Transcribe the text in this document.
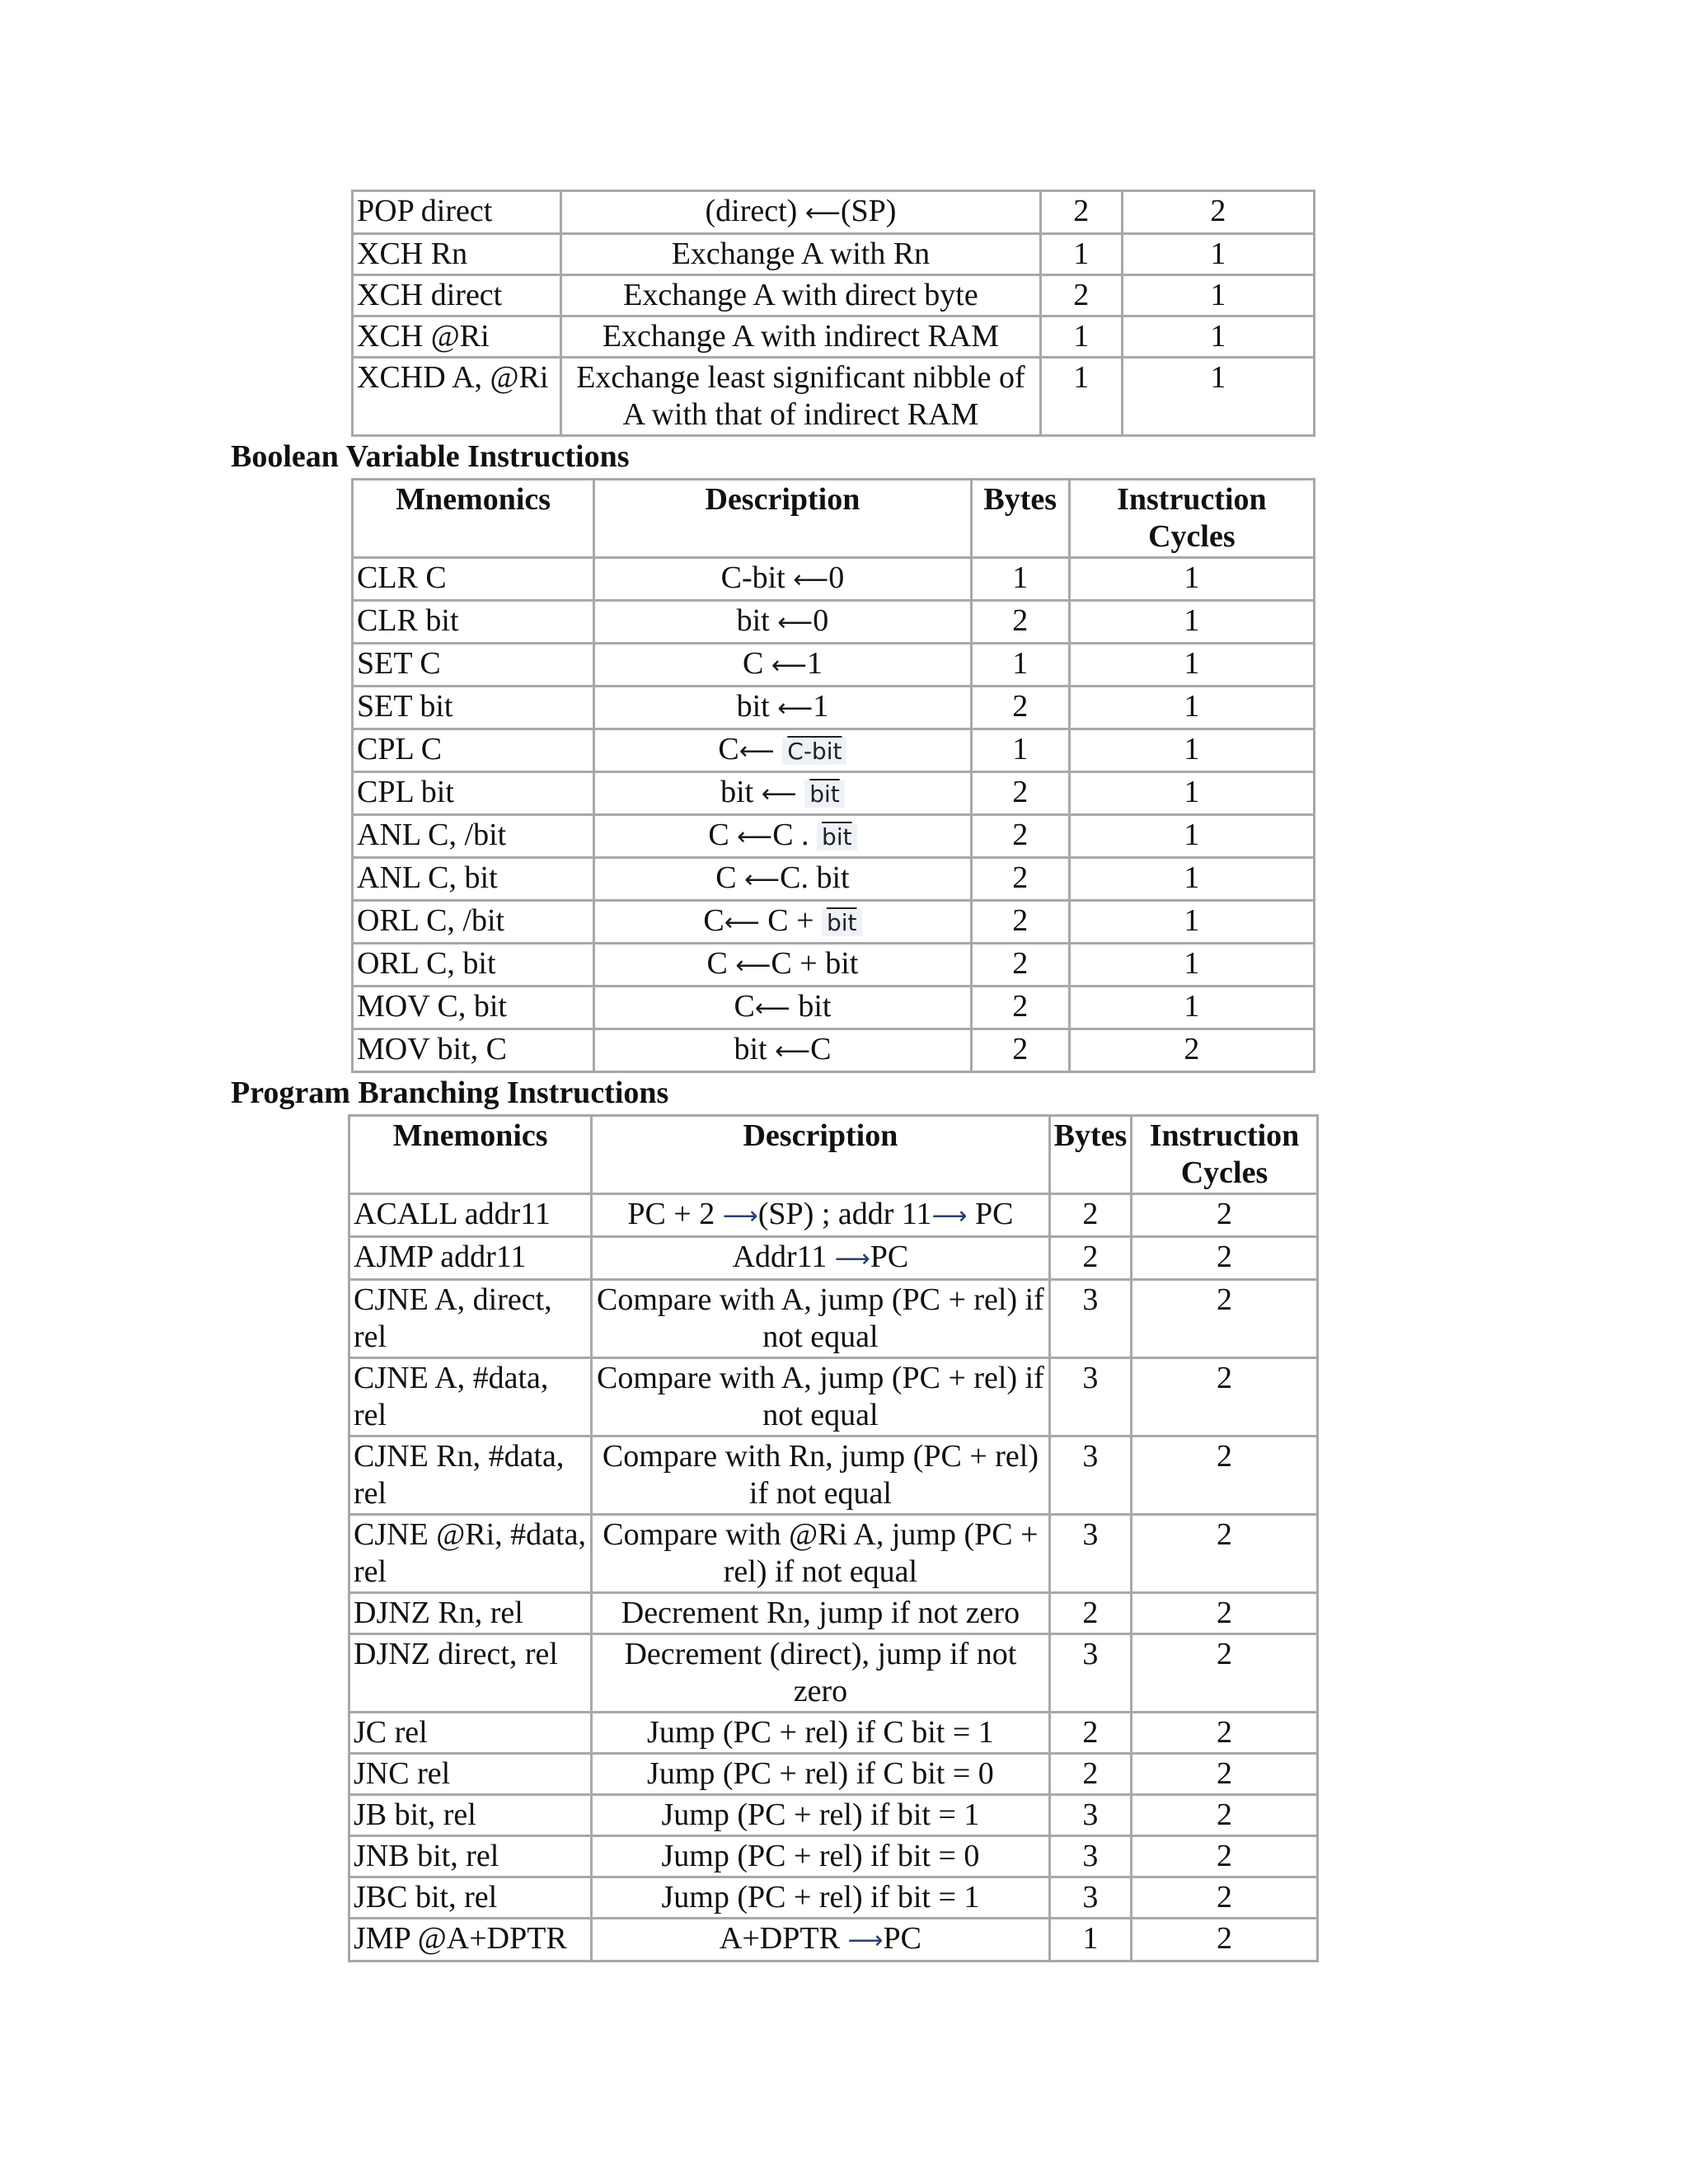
POP direct	(direct) ⟵(SP)	2	2
XCH Rn	Exchange A with Rn	1	1
XCH direct	Exchange A with direct byte	2	1
XCH @Ri	Exchange A with indirect RAM	1	1
XCHD A, @Ri	Exchange least significant nibble of A with that of indirect RAM	1	1
Boolean Variable Instructions
Mnemonics	Description	Bytes	Instruction Cycles
CLR C	C-bit ⟵0	1	1
CLR bit	bit ⟵0	2	1
SET C	C ⟵1	1	1
SET bit	bit ⟵1	2	1
CPL C	C⟵ C-bit	1	1
CPL bit	bit ⟵ $\overline{bit}$	2	1
ANL C, /bit	C ⟵C . $\overline{bit}$	2	1
ANL C, bit	C ⟵C. bit	2	1
ORL C, /bit	C⟵ $C + \overline{bit}$	2	1
ORL C, bit	C ⟵C + bit	2	1
MOV C, bit	C⟵ bit	2	1
MOV bit, C	bit ⟵C	2	2
Program Branching Instructions
Mnemonics	Description	Bytes	Instruction Cycles
ACALL addr11	PC + 2 ⟶(SP) ; addr 11⟶ PC	2	2
AJMP addr11	Addr11 ⟶PC	2	2
CJNE A, direct, rel	Compare with A, jump (PC + rel) if not equal	3	2
CJNE A, #data, rel	Compare with A, jump (PC + rel) if not equal	3	2
CJNE Rn, #data, rel	Compare with Rn, jump (PC + rel) if not equal	3	2
CJNE @Ri, #data, rel	Compare with @Ri A, jump (PC + rel) if not equal	3	2
DJNZ Rn, rel	Decrement Rn, jump if not zero	2	2
DJNZ direct, rel	Decrement (direct), jump if not zero	3	2
JC rel	Jump (PC + rel) if C bit = 1	2	2
JNC rel	Jump (PC + rel) if C bit = 0	2	2
JB bit, rel	Jump (PC + rel) if bit = 1	3	2
JNB bit, rel	Jump (PC + rel) if bit = 0	3	2
JBC bit, rel	Jump (PC + rel) if bit = 1	3	2
JMP @A+DPTR	A+DPTR ⟶PC	1	2
